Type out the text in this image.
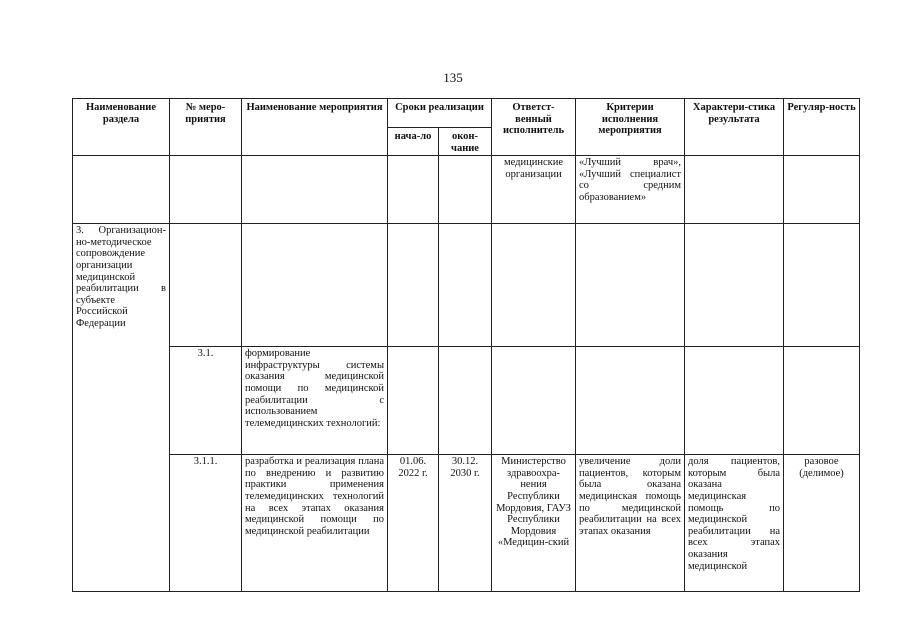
135
Наименование раздела	№ меро-приятия	Наименование мероприятия	Сроки реализации		Ответст-венный исполнитель	Критерии исполнения мероприятия	Характери-стика результата	Регуляр-ность
			нача-ло	окон-чание				
					медицинские организации	«Лучший врач», «Лучший специалист со средним образованием»		
3. Организацион-но-методическое сопровождение организации медицинской реабилитации в субъекте Российской Федерации								
	3.1.	формирование инфраструктуры системы оказания медицинской помощи по медицинской реабилитации с использованием телемедицинских технологий:						
	3.1.1.	разработка и реализация плана по внедрению и развитию практики применения телемедицинских технологий на всех этапах оказания медицинской помощи по медицинской реабилитации	01.06. 2022 г.	30.12. 2030 г.	Министерство здравоохра-нения Республики Мордовия, ГАУЗ Республики Мордовия «Медицин-ский	увеличение доли пациентов, которым была оказана медицинская помощь по медицинской реабилитации на всех этапах оказания	доля пациентов, которым была оказана медицинская помощь по медицинской реабилитации на всех этапах оказания медицинской	разовое (делимое)
